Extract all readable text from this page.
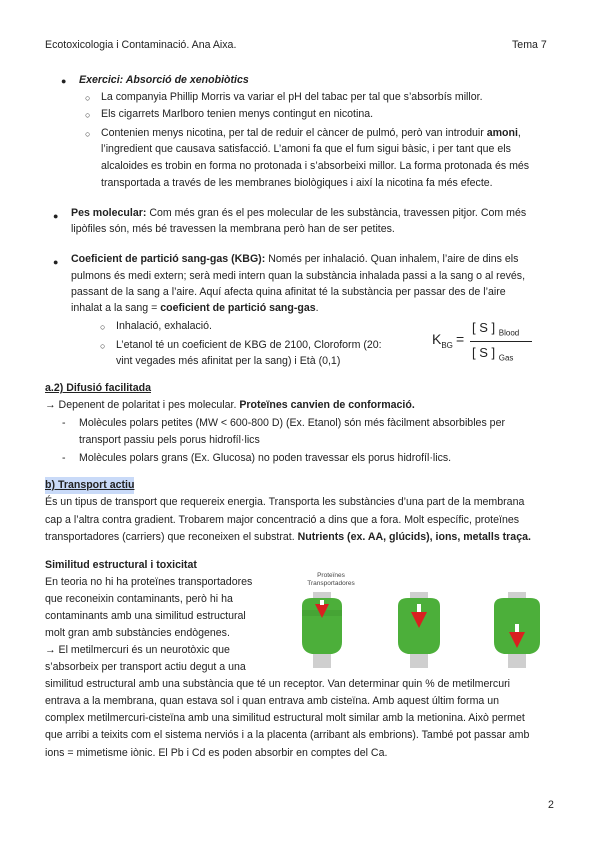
Ecotoxicologia i Contaminació. Ana Aixa.	Tema 7
● Exercici: Absorció de xenobiòtics
○ La companyia Phillip Morris va variar el pH del tabac per tal que s’absorbís millor.
○ Els cigarrets Marlboro tenien menys contingut en nicotina.
○ Contenien menys nicotina, per tal de reduir el càncer de pulmó, però van introduir amoni,
l’ingredient que causava satisfacció. L’amoni fa que el fum sigui bàsic, i per tant que els
alcaloides es trobin en forma no protonada i s’absorbeixi millor. La forma protonada és més
transportada a través de les membranes biològiques i així la nicotina fa més efecte.
● Pes molecular: Com més gran és el pes molecular de les substància, travessen pitjor. Com més
lipòfiles són, més bé travessen la membrana però han de ser petites.
● Coeficient de partició sang-gas (KBG): Només per inhalació. Quan inhalem, l’aire de dins els
pulmons és medi extern; serà medi intern quan la substància inhalada passi a la sang o al revés,
passant de la sang a l’aire. Aquí afecta quina afinitat té la substància per passar des de l’aire
inhalat a la sang = coeficient de partició sang-gas.
○ Inhalació, exhalació.
○ L’etanol té un coeficient de KBG de 2100, Cloroform (20:
vint vegades més afinitat per la sang) i Età (0,1)
$K_{BG}$ =
[ S ] $_{Blood}$
[ S ] $_{Gas}$
a.2) Difusió facilitada
→ Depenent de polaritat i pes molecular. Proteïnes canvien de conformació.
- Molècules polars petites (MW < 600-800 D) (Ex. Etanol) són més fàcilment absorbibles per
transport passiu pels porus hidrofíl·lics
- Molècules polars grans (Ex. Glucosa) no poden travessar els porus hidrofíl·lics.
b) Transport actiu
És un tipus de transport que requereix energia. Transporta les substàncies d’una part de la membrana
cap a l’altra contra gradient. Trobarem major concentració a dins que a fora. Molt específic, proteïnes
transportadores (carriers) que reconeixen el substrat. Nutrients (ex. AA, glúcids), ions, metalls traça.
Similitud estructural i toxicitat
En teoria no hi ha proteïnes transportadores
que reconeixin contaminants, però hi ha
contaminants amb una similitud estructural
molt gran amb substàncies endògenes.
→ El metilmercuri és un neurotòxic que
s’absorbeix per transport actiu degut a una
similitud estructural amb una substància que té un receptor. Van determinar quin % de metilmercuri
entrava a la membrana, quan estava sol i quan entrava amb cisteïna. Amb aquest últim forma un
complex metilmercuri-cisteïna amb una similitud estructural molt similar amb la metionina. Això permet
que arribi a teixits com el sistema nerviós i a la placenta (arribant als embrions). També pot passar amb
ions = mimetisme iònic. El Pb i Cd es poden absorbir en comptes del Ca.
Proteïnes
Transportadores
2
